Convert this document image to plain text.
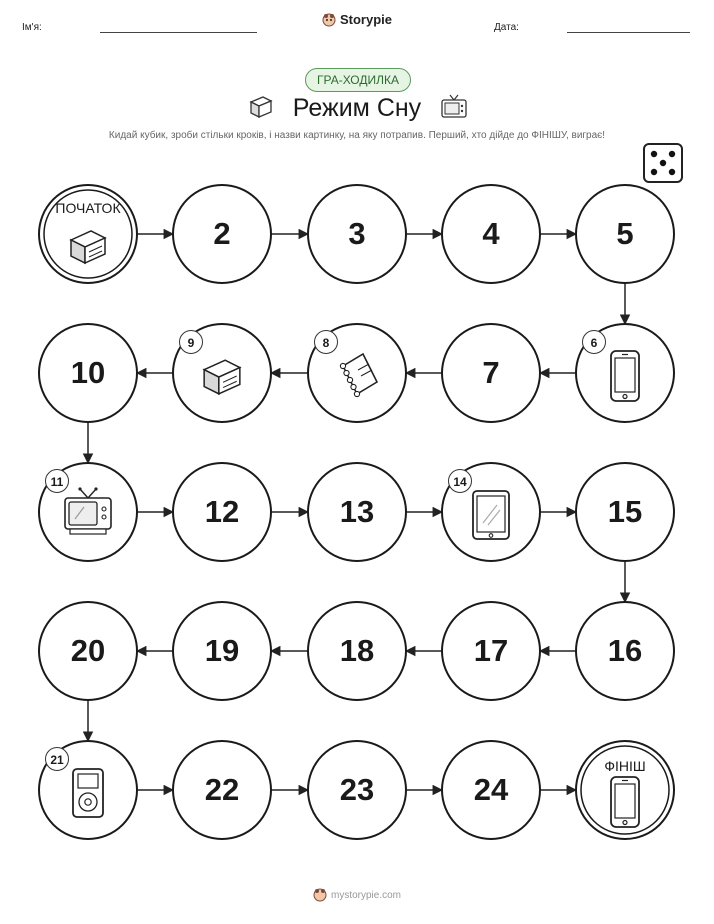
Ім'я:
Storypie
Дата:
ГРА-ХОДИЛКА
Режим Сну
Кидай кубик, зроби стільки кроків, і назви картинку, на яку потрапив. Перший, хто дійде до ФІНІШУ, виграє!
ПОЧАТОК
2	3	4	5
6
7
8
9
10
11
12	13
14
15
16
17
18
19
20
21
22	23	24
ФІНІШ
mystorypie.com
